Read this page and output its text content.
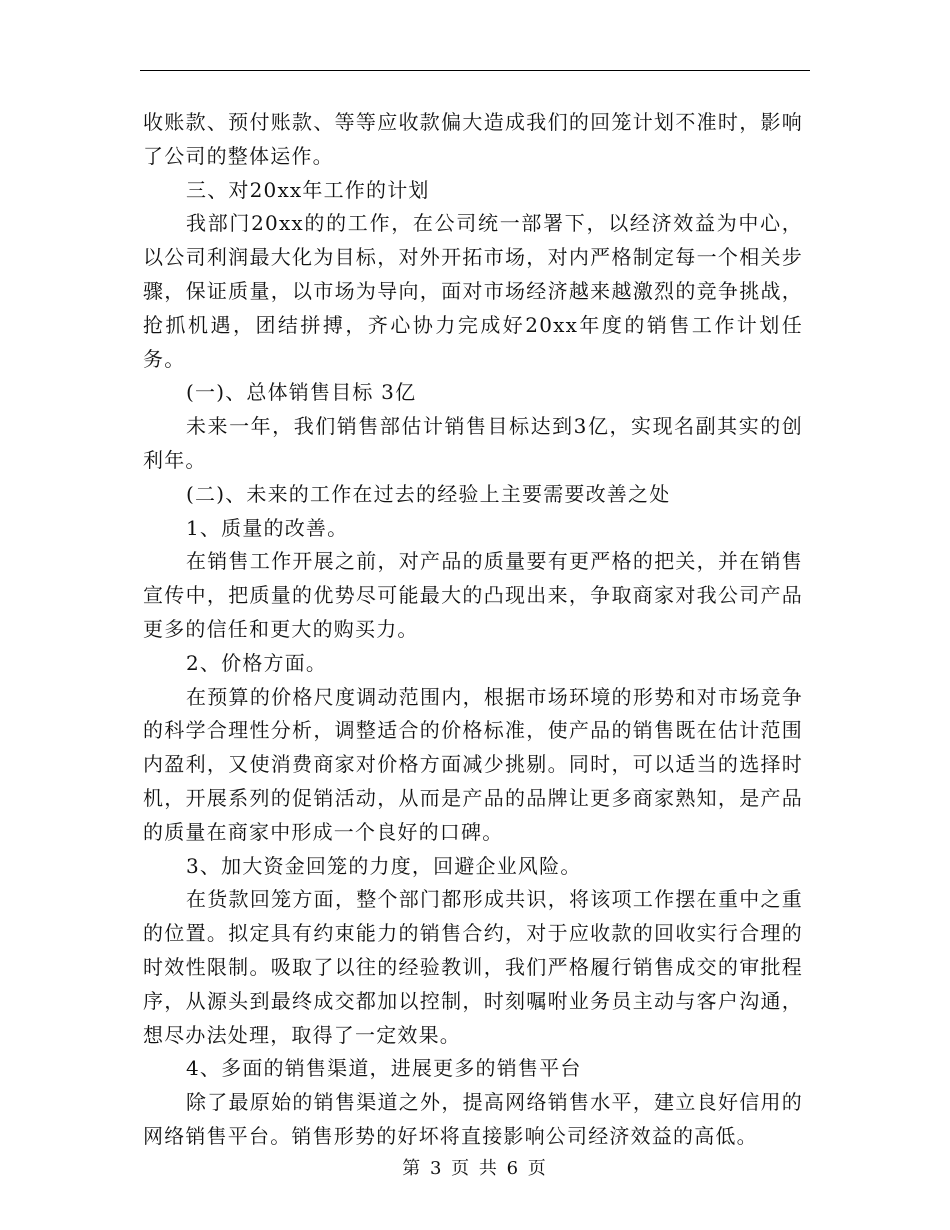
收账款、预付账款、等等应收款偏大造成我们的回笼计划不准时，影响了公司的整体运作。

三、对20xx年工作的计划

我部门20xx的的工作，在公司统一部署下，以经济效益为中心，以公司利润最大化为目标，对外开拓市场，对内严格制定每一个相关步骤，保证质量，以市场为导向，面对市场经济越来越激烈的竞争挑战，抢抓机遇，团结拼搏，齐心协力完成好20xx年度的销售工作计划任务。

(一)、总体销售目标 3亿

未来一年，我们销售部估计销售目标达到3亿，实现名副其实的创利年。

(二)、未来的工作在过去的经验上主要需要改善之处

1、质量的改善。

在销售工作开展之前，对产品的质量要有更严格的把关，并在销售宣传中，把质量的优势尽可能最大的凸现出来，争取商家对我公司产品更多的信任和更大的购买力。

2、价格方面。

在预算的价格尺度调动范围内，根据市场环境的形势和对市场竞争的科学合理性分析，调整适合的价格标准，使产品的销售既在估计范围内盈利，又使消费商家对价格方面减少挑剔。同时，可以适当的选择时机，开展系列的促销活动，从而是产品的品牌让更多商家熟知，是产品的质量在商家中形成一个良好的口碑。

3、加大资金回笼的力度，回避企业风险。

在货款回笼方面，整个部门都形成共识，将该项工作摆在重中之重的位置。拟定具有约束能力的销售合约，对于应收款的回收实行合理的时效性限制。吸取了以往的经验教训，我们严格履行销售成交的审批程序，从源头到最终成交都加以控制，时刻嘱咐业务员主动与客户沟通，想尽办法处理，取得了一定效果。

4、多面的销售渠道，进展更多的销售平台

除了最原始的销售渠道之外，提高网络销售水平，建立良好信用的网络销售平台。销售形势的好坏将直接影响公司经济效益的高低。

第 3 页 共 6 页
